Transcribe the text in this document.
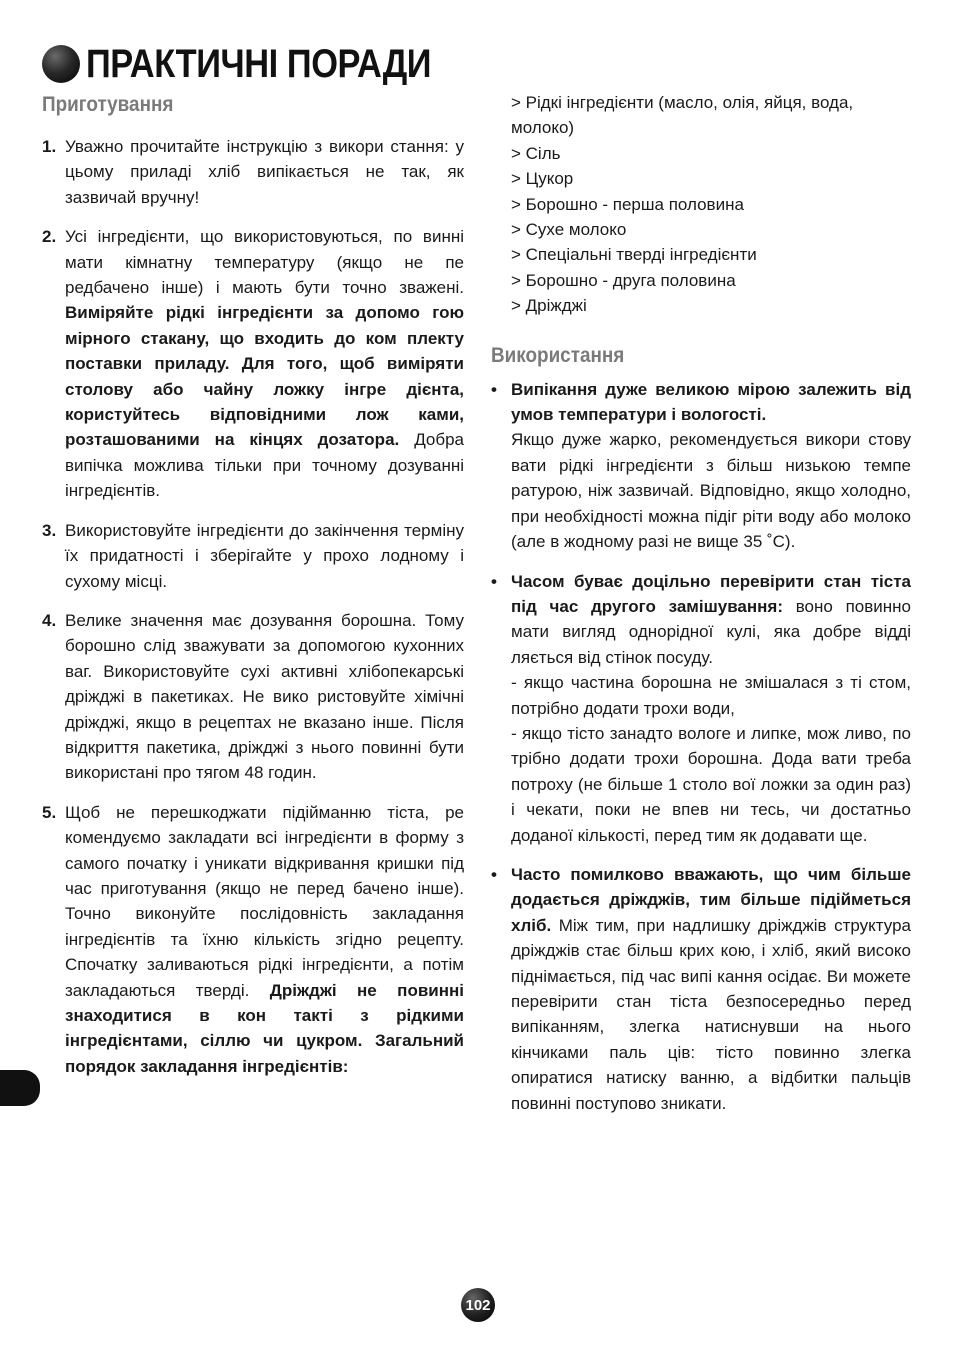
ПРАКТИЧНІ ПОРАДИ
Приготування
1. Уважно прочитайте інструкцію з викори стання: у цьому приладі хліб випікається не так, як зазвичай вручну!
2. Усі інгредієнти, що використовуються, по винні мати кімнатну температуру (якщо не пе редбачено інше) і мають бути точно зважені. Виміряйте рідкі інгредієнти за допомо гою мірного стакану, що входить до ком плекту поставки приладу. Для того, щоб виміряти столову або чайну ложку інгре дієнта, користуйтесь відповідними лож ками, розташованими на кінцях дозатора. Добра випічка можлива тільки при точному дозуванні інгредієнтів.
3. Використовуйте інгредієнти до закінчення терміну їх придатності і зберігайте у прохо лодному і сухому місці.
4. Велике значення має дозування борошна. Тому борошно слід зважувати за допомогою кухонних ваг. Використовуйте сухі активні хлібопекарські дріжджі в пакетиках. Не вико ристовуйте хімічні дріжджі, якщо в рецептах не вказано інше. Після відкриття пакетика, дріжджі з нього повинні бути використані про тягом 48 годин.
5. Щоб не перешкоджати підійманню тіста, ре комендуємо закладати всі інгредієнти в форму з самого початку і уникати відкривання кришки під час приготування (якщо не перед бачено інше). Точно виконуйте послідовність закладання інгредієнтів та їхню кількість згідно рецепту. Спочатку заливаються рідкі інгредієнти, а потім закладаються тверді. Дріжджі не повинні знаходитися в кон такті з рідкими інгредієнтами, сіллю чи цукром. Загальний порядок закладання інгредієнтів:
> Рідкі інгредієнти (масло, олія, яйця, вода, молоко)
> Сіль
> Цукор
> Борошно - перша половина
> Сухе молоко
> Спеціальні тверді інгредієнти
> Борошно - друга половина
> Дріжджі
Використання
• Випікання дуже великою мірою залежить від умов температури і вологості.
Якщо дуже жарко, рекомендується викори стову вати рідкі інгредієнти з більш низькою темпе ратурою, ніж зазвичай. Відповідно, якщо холодно, при необхідності можна підіг ріти воду або молоко (але в жодному разі не вище 35 ˚С).
• Часом буває доцільно перевірити стан тіста під час другого замішування: воно повинно мати вигляд однорідної кулі, яка добре відді ляється від стінок посуду.
- якщо частина борошна не змішалася з ті стом, потрібно додати трохи води,
- якщо тісто занадто вологе и липке, мож ливо, по трібно додати трохи борошна. Дода вати треба потроху (не більше 1 столо вої ложки за один раз) і чекати, поки не впев ни тесь, чи достатньо доданої кількості, перед тим як додавати ще.
• Часто помилково вважають, що чим більше додається дріжджів, тим більше підійметься хліб. Між тим, при надлишку дріжджів структура дріжджів стає більш крих кою, і хліб, який високо піднімається, під час випі кання осідає. Ви можете перевірити стан тіста безпосередньо перед випіканням, злегка натиснувши на нього кінчиками паль ців: тісто повинно злегка опиратися натиску ванню, а відбитки пальців повинні поступово зникати.
102
